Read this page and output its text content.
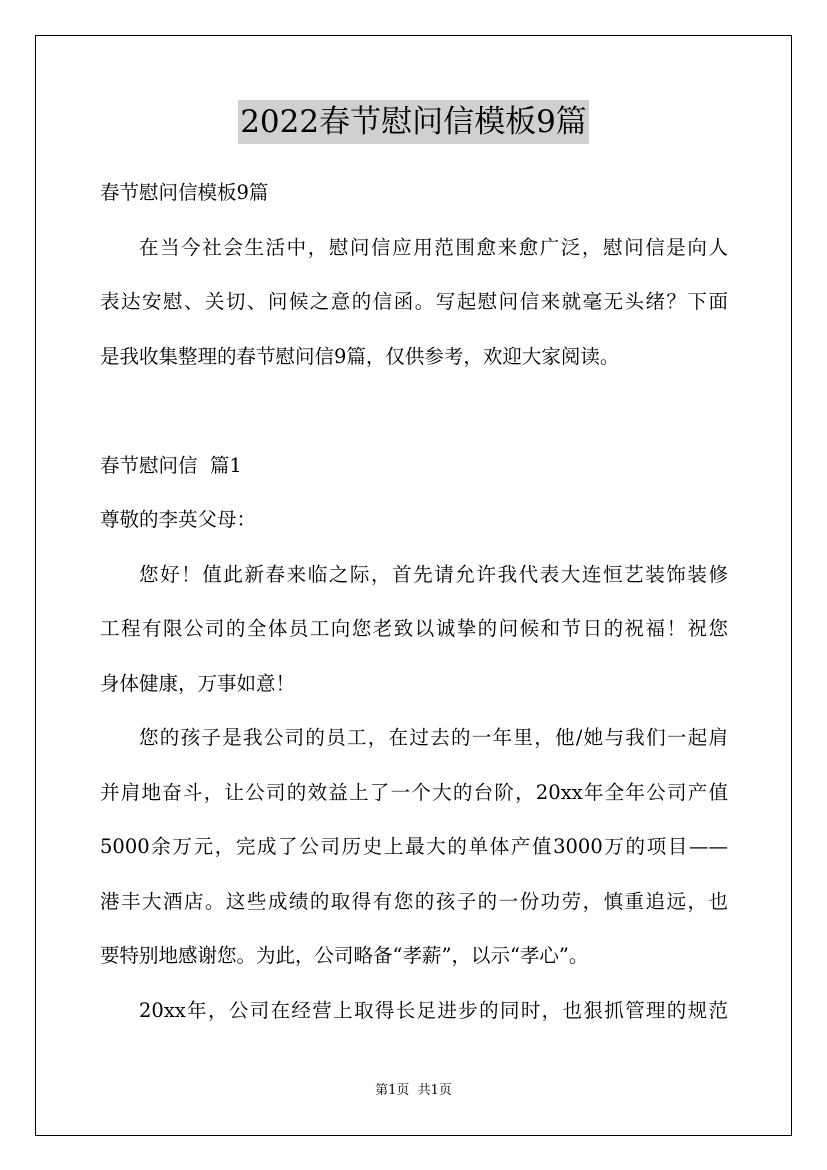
2022春节慰问信模板9篇
春节慰问信模板9篇
在当今社会生活中，慰问信应用范围愈来愈广泛，慰问信是向人
表达安慰、关切、问候之意的信函。写起慰问信来就毫无头绪？下面
是我收集整理的春节慰问信9篇，仅供参考，欢迎大家阅读。
春节慰问信  篇1
尊敬的李英父母：
您好！值此新春来临之际，首先请允许我代表大连恒艺装饰装修
工程有限公司的全体员工向您老致以诚挚的问候和节日的祝福！祝您
身体健康，万事如意！
您的孩子是我公司的员工，在过去的一年里，他/她与我们一起肩
并肩地奋斗，让公司的效益上了一个大的台阶，20xx年全年公司产值
5000余万元，完成了公司历史上最大的单体产值3000万的项目——
港丰大酒店。这些成绩的取得有您的孩子的一份功劳，慎重追远，也
要特别地感谢您。为此，公司略备“孝薪”，以示“孝心”。
20xx年，公司在经营上取得长足进步的同时，也狠抓管理的规范
第1页  共1页
